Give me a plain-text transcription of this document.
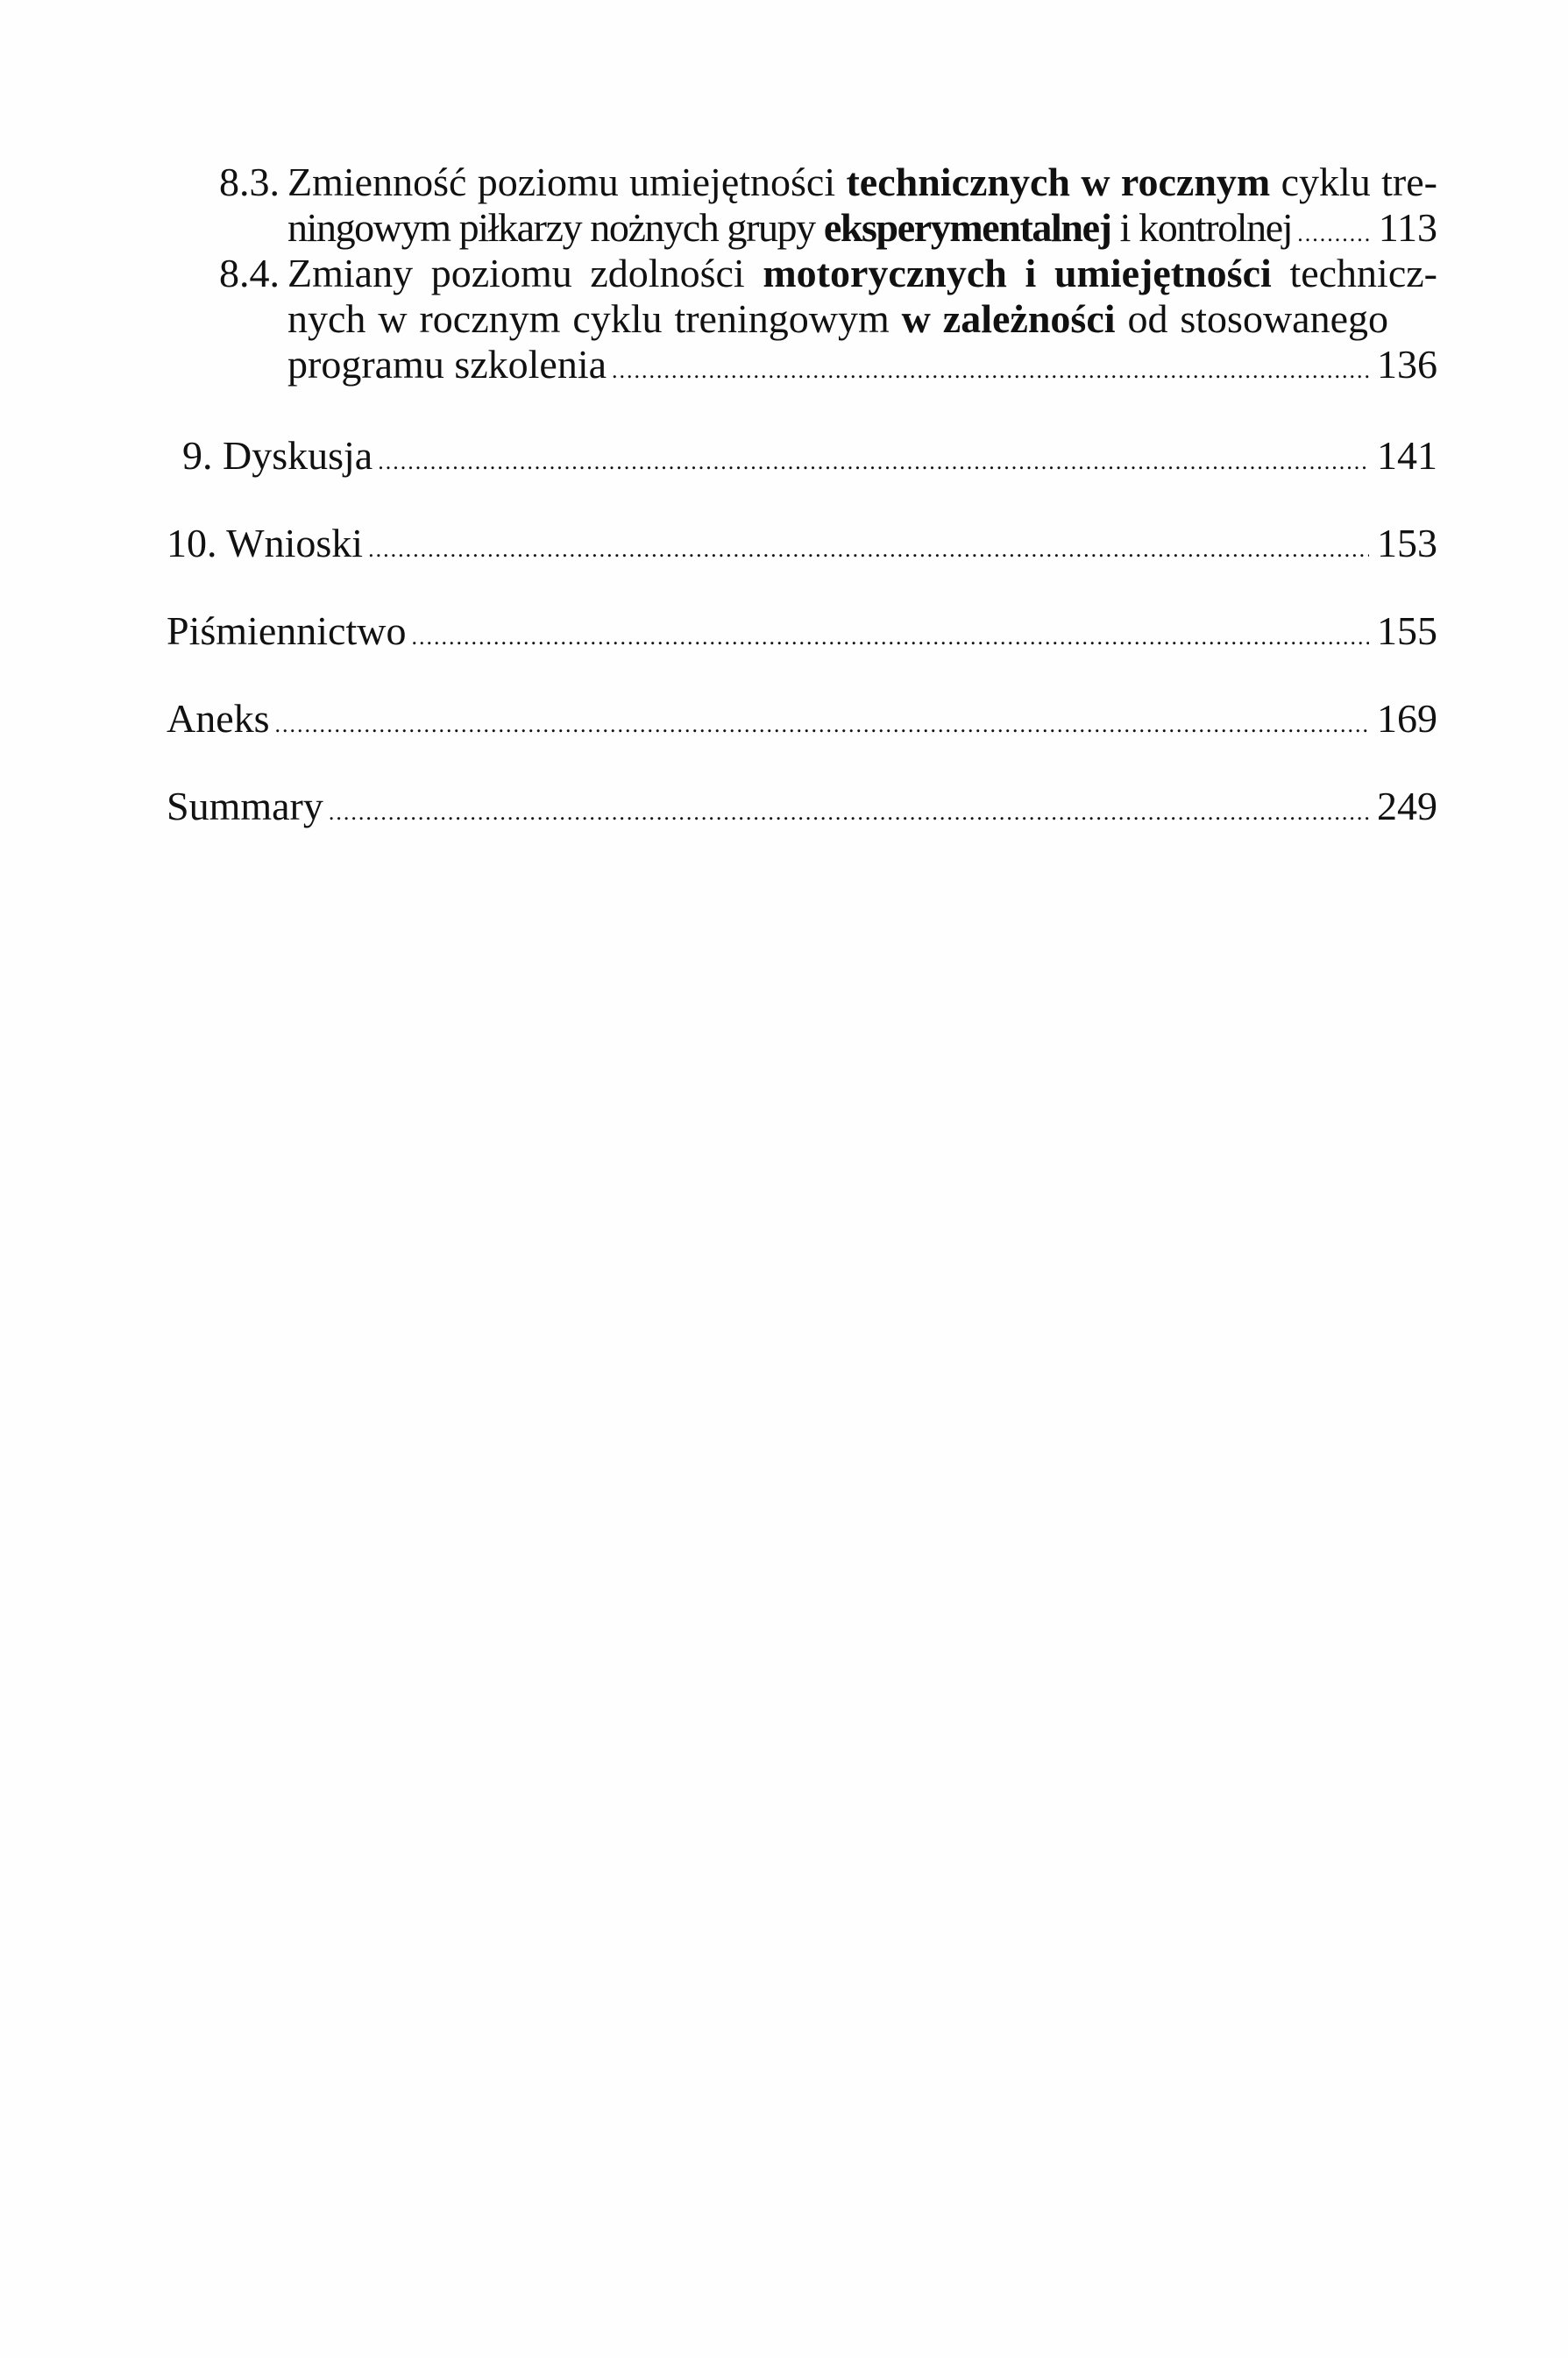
8.3. Zmienność poziomu umiejętności technicznych w rocznym cyklu tre-
ningowym piłkarzy nożnych grupy eksperymentalnej i kontrolnej ..... 113
8.4. Zmiany poziomu zdolności motorycznych i umiejętności technicz-
nych w rocznym cyklu treningowym w zależności od stosowanego
programu szkolenia .....	136
9. Dyskusja .....	141
10. Wnioski .....	153
Piśmiennictwo .....	155
Aneks .....	169
Summary .....	249
